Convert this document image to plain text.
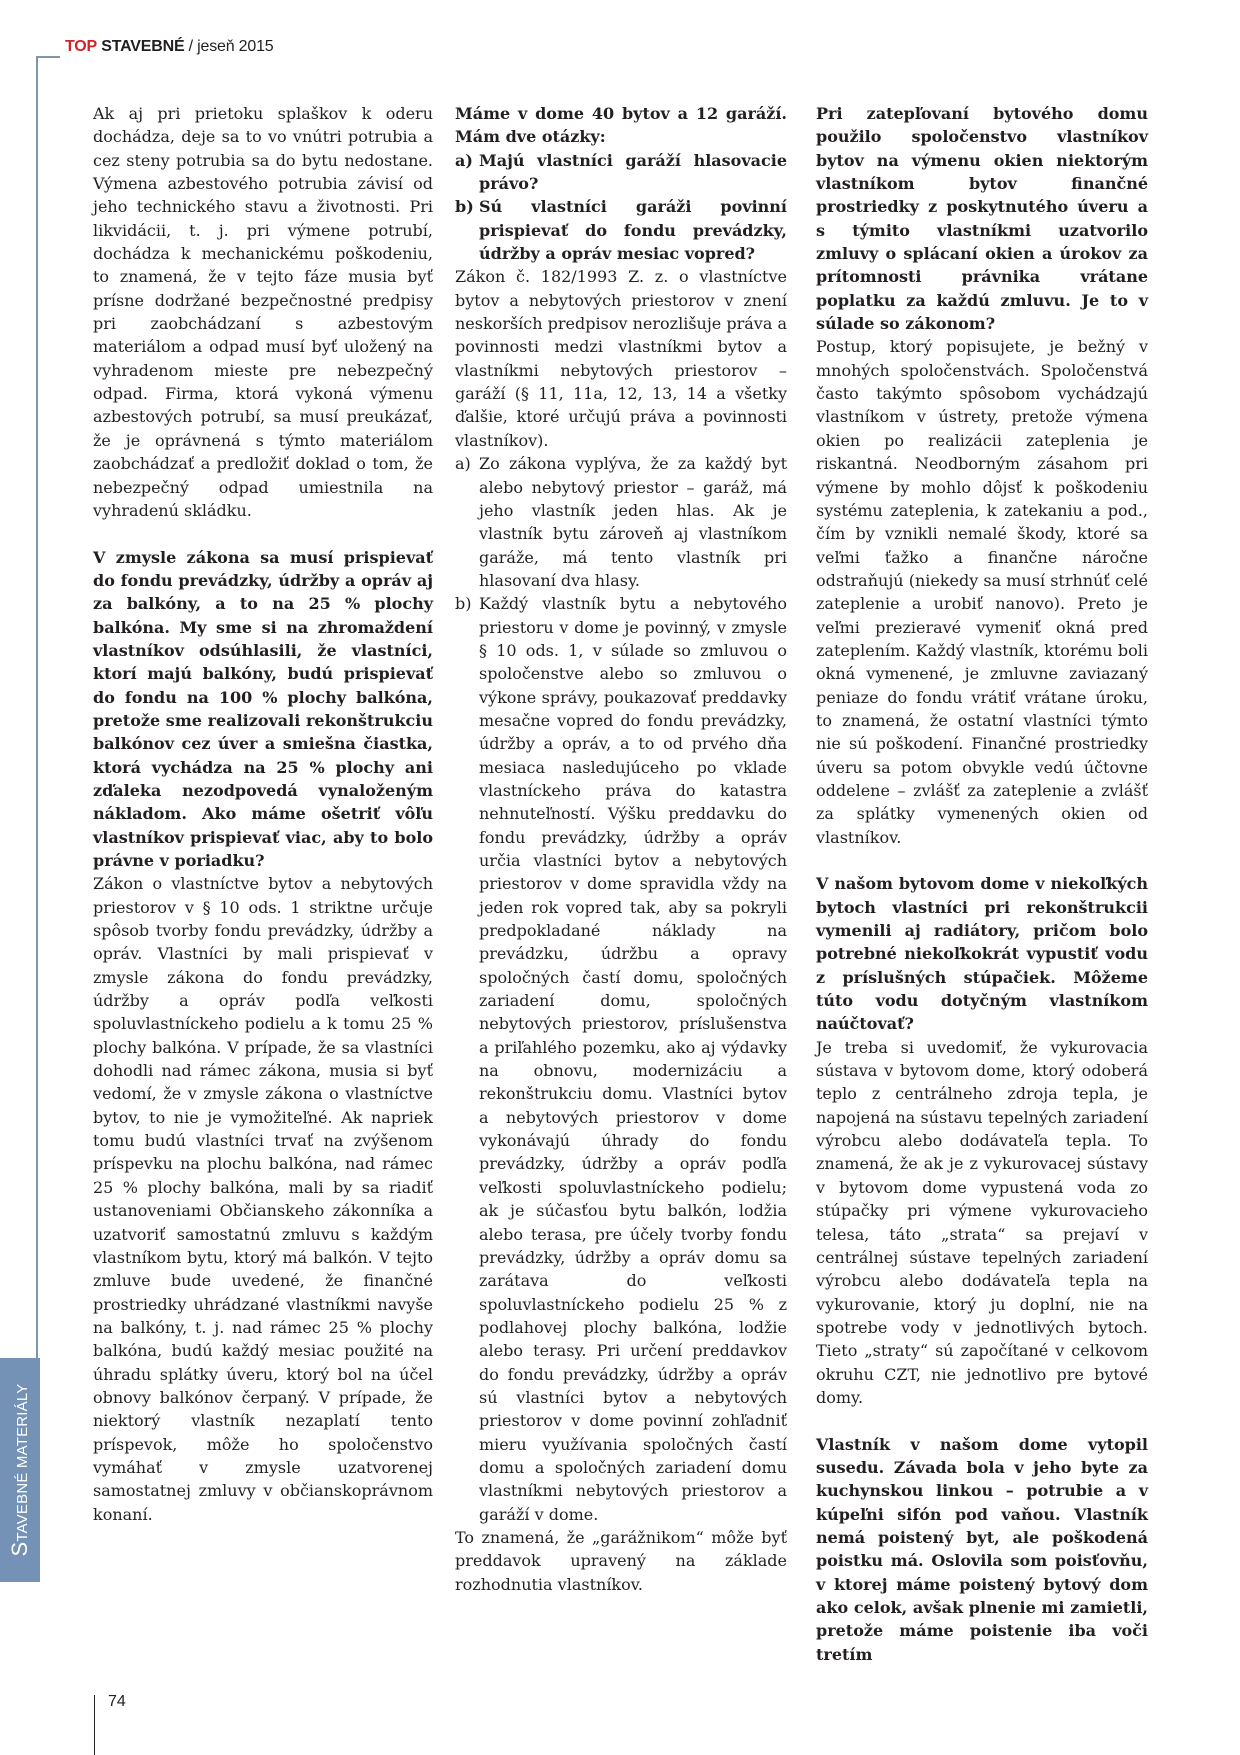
TOP STAVEBNÉ / jeseň 2015
STAVEBNÉ MATERIÁLY

Ak aj pri prietoku splaškov k oderu dochádza, deje sa to vo vnútri potrubia a cez steny potrubia sa do bytu nedostane. Výmena azbestového potrubia závisí od jeho technického stavu a životnosti. Pri likvidácii, t. j. pri výmene potrubí, dochádza k mechanickému poškodeniu, to znamená, že v tejto fáze musia byť prísne dodržané bezpečnostné predpisy pri zaobchádzaní s azbestovým materiálom a odpad musí byť uložený na vyhradenom mieste pre nebezpečný odpad. Firma, ktorá vykoná výmenu azbestových potrubí, sa musí preukázať, že je oprávnená s týmto materiálom zaobchádzať a predložiť doklad o tom, že nebezpečný odpad umiestnila na vyhradenú skládku.

V zmysle zákona sa musí prispievať do fondu prevádzky, údržby a opráv aj za balkóny, a to na 25 % plochy balkóna. My sme si na zhromaždení vlastníkov odsúhlasili, že vlastníci, ktorí majú balkóny, budú prispievať do fondu na 100 % plochy balkóna, pretože sme realizovali rekonštrukciu balkónov cez úver a smiešna čiastka, ktorá vychádza na 25 % plochy ani zďaleka nezodpovedá vynaloženým nákladom. Ako máme ošetriť vôľu vlastníkov prispievať viac, aby to bolo právne v poriadku?

Zákon o vlastníctve bytov a nebytových priestorov v § 10 ods. 1 striktne určuje spôsob tvorby fondu prevádzky, údržby a opráv. Vlastníci by mali prispievať v zmysle zákona do fondu prevádzky, údržby a opráv podľa veľkosti spoluvlastníckeho podielu a k tomu 25 % plochy balkóna. V prípade, že sa vlastníci dohodli nad rámec zákona, musia si byť vedomí, že v zmysle zákona o vlastníctve bytov, to nie je vymožiteľné. Ak napriek tomu budú vlastníci trvať na zvýšenom príspevku na plochu balkóna, nad rámec 25 % plochy balkóna, mali by sa riadiť ustanoveniami Občianskeho zákonníka a uzatvoriť samostatnú zmluvu s každým vlastníkom bytu, ktorý má balkón. V tejto zmluve bude uvedené, že finančné prostriedky uhrádzané vlastníkmi navyše na balkóny, t. j. nad rámec 25 % plochy balkóna, budú každý mesiac použité na úhradu splátky úveru, ktorý bol na účel obnovy balkónov čerpaný. V prípade, že niektorý vlastník nezaplatí tento príspevok, môže ho spoločenstvo vymáhať v zmysle uzatvorenej samostatnej zmluvy v občianskoprávnom konaní.

Máme v dome 40 bytov a 12 garáží. Mám dve otázky:

a) Majú vlastníci garáží hlasovacie právo?
b) Sú vlastníci garáži povinní prispievať do fondu prevádzky, údržby a opráv mesiac vopred?

Zákon č. 182/1993 Z. z. o vlastníctve bytov a nebytových priestorov v znení neskorších predpisov nerozlišuje práva a povinnosti medzi vlastníkmi bytov a vlastníkmi nebytových priestorov – garáží (§ 11, 11a, 12, 13, 14 a všetky ďalšie, ktoré určujú práva a povinnosti vlastníkov).

a) Zo zákona vyplýva, že za každý byt alebo nebytový priestor – garáž, má jeho vlastník jeden hlas. Ak je vlastník bytu zároveň aj vlastníkom garáže, má tento vlastník pri hlasovaní dva hlasy.
b) Každý vlastník bytu a nebytového priestoru v dome je povinný, v zmysle § 10 ods. 1, v súlade so zmluvou o spoločenstve alebo so zmluvou o výkone správy, poukazovať preddavky mesačne vopred do fondu prevádzky, údržby a opráv, a to od prvého dňa mesiaca nasledujúceho po vklade vlastníckeho práva do katastra nehnuteľností. Výšku preddavku do fondu prevádzky, údržby a opráv určia vlastníci bytov a nebytových priestorov v dome spravidla vždy na jeden rok vopred tak, aby sa pokryli predpokladané náklady na prevádzku, údržbu a opravy spoločných častí domu, spoločných zariadení domu, spoločných nebytových priestorov, príslušenstva a priľahlého pozemku, ako aj výdavky na obnovu, modernizáciu a rekonštrukciu domu. Vlastníci bytov a nebytových priestorov v dome vykonávajú úhrady do fondu prevádzky, údržby a opráv podľa veľkosti spoluvlastníckeho podielu; ak je súčasťou bytu balkón, lodžia alebo terasa, pre účely tvorby fondu prevádzky, údržby a opráv domu sa zarátava do veľkosti spoluvlastníckeho podielu 25 % z podlahovej plochy balkóna, lodžie alebo terasy. Pri určení preddavkov do fondu prevádzky, údržby a opráv sú vlastníci bytov a nebytových priestorov v dome povinní zohľadniť mieru využívania spoločných častí domu a spoločných zariadení domu vlastníkmi nebytových priestorov a garáží v dome.

To znamená, že „garážnikom“ môže byť preddavok upravený na základe rozhodnutia vlastníkov.

Pri zatepľovaní bytového domu použilo spoločenstvo vlastníkov bytov na výmenu okien niektorým vlastníkom bytov finančné prostriedky z poskytnutého úveru a s týmito vlastníkmi uzatvorilo zmluvy o splácaní okien a úrokov za prítomnosti právnika vrátane poplatku za každú zmluvu. Je to v súlade so zákonom?

Postup, ktorý popisujete, je bežný v mnohých spoločenstvách. Spoločenstvá často takýmto spôsobom vychádzajú vlastníkom v ústrety, pretože výmena okien po realizácii zateplenia je riskantná. Neodborným zásahom pri výmene by mohlo dôjsť k poškodeniu systému zateplenia, k zatekaniu a pod., čím by vznikli nemalé škody, ktoré sa veľmi ťažko a finančne náročne odstraňujú (niekedy sa musí strhnúť celé zateplenie a urobiť nanovo). Preto je veľmi prezieravé vymeniť okná pred zateplením. Každý vlastník, ktorému boli okná vymenené, je zmluvne zaviazaný peniaze do fondu vrátiť vrátane úroku, to znamená, že ostatní vlastníci týmto nie sú poškodení. Finančné prostriedky úveru sa potom obvykle vedú účtovne oddelene – zvlášť za zateplenie a zvlášť za splátky vymenených okien od vlastníkov.

V našom bytovom dome v niekoľkých bytoch vlastníci pri rekonštrukcii vymenili aj radiátory, pričom bolo potrebné niekoľkokrát vypustiť vodu z príslušných stúpačiek. Môžeme túto vodu dotyčným vlastníkom naúčtovať?

Je treba si uvedomiť, že vykurovacia sústava v bytovom dome, ktorý odoberá teplo z centrálneho zdroja tepla, je napojená na sústavu tepelných zariadení výrobcu alebo dodávateľa tepla. To znamená, že ak je z vykurovacej sústavy v bytovom dome vypustená voda zo stúpačky pri výmene vykurovacieho telesa, táto „strata“ sa prejaví v centrálnej sústave tepelných zariadení výrobcu alebo dodávateľa tepla na vykurovanie, ktorý ju doplní, nie na spotrebe vody v jednotlivých bytoch. Tieto „straty“ sú započítané v celkovom okruhu CZT, nie jednotlivo pre bytové domy.

Vlastník v našom dome vytopil susedu. Závada bola v jeho byte za kuchynskou linkou – potrubie a v kúpeľni sifón pod vaňou. Vlastník nemá poistený byt, ale poškodená poistku má. Oslovila som poisťovňu, v ktorej máme poistený bytový dom ako celok, avšak plnenie mi zamietli, pretože máme poistenie iba voči tretím

74
